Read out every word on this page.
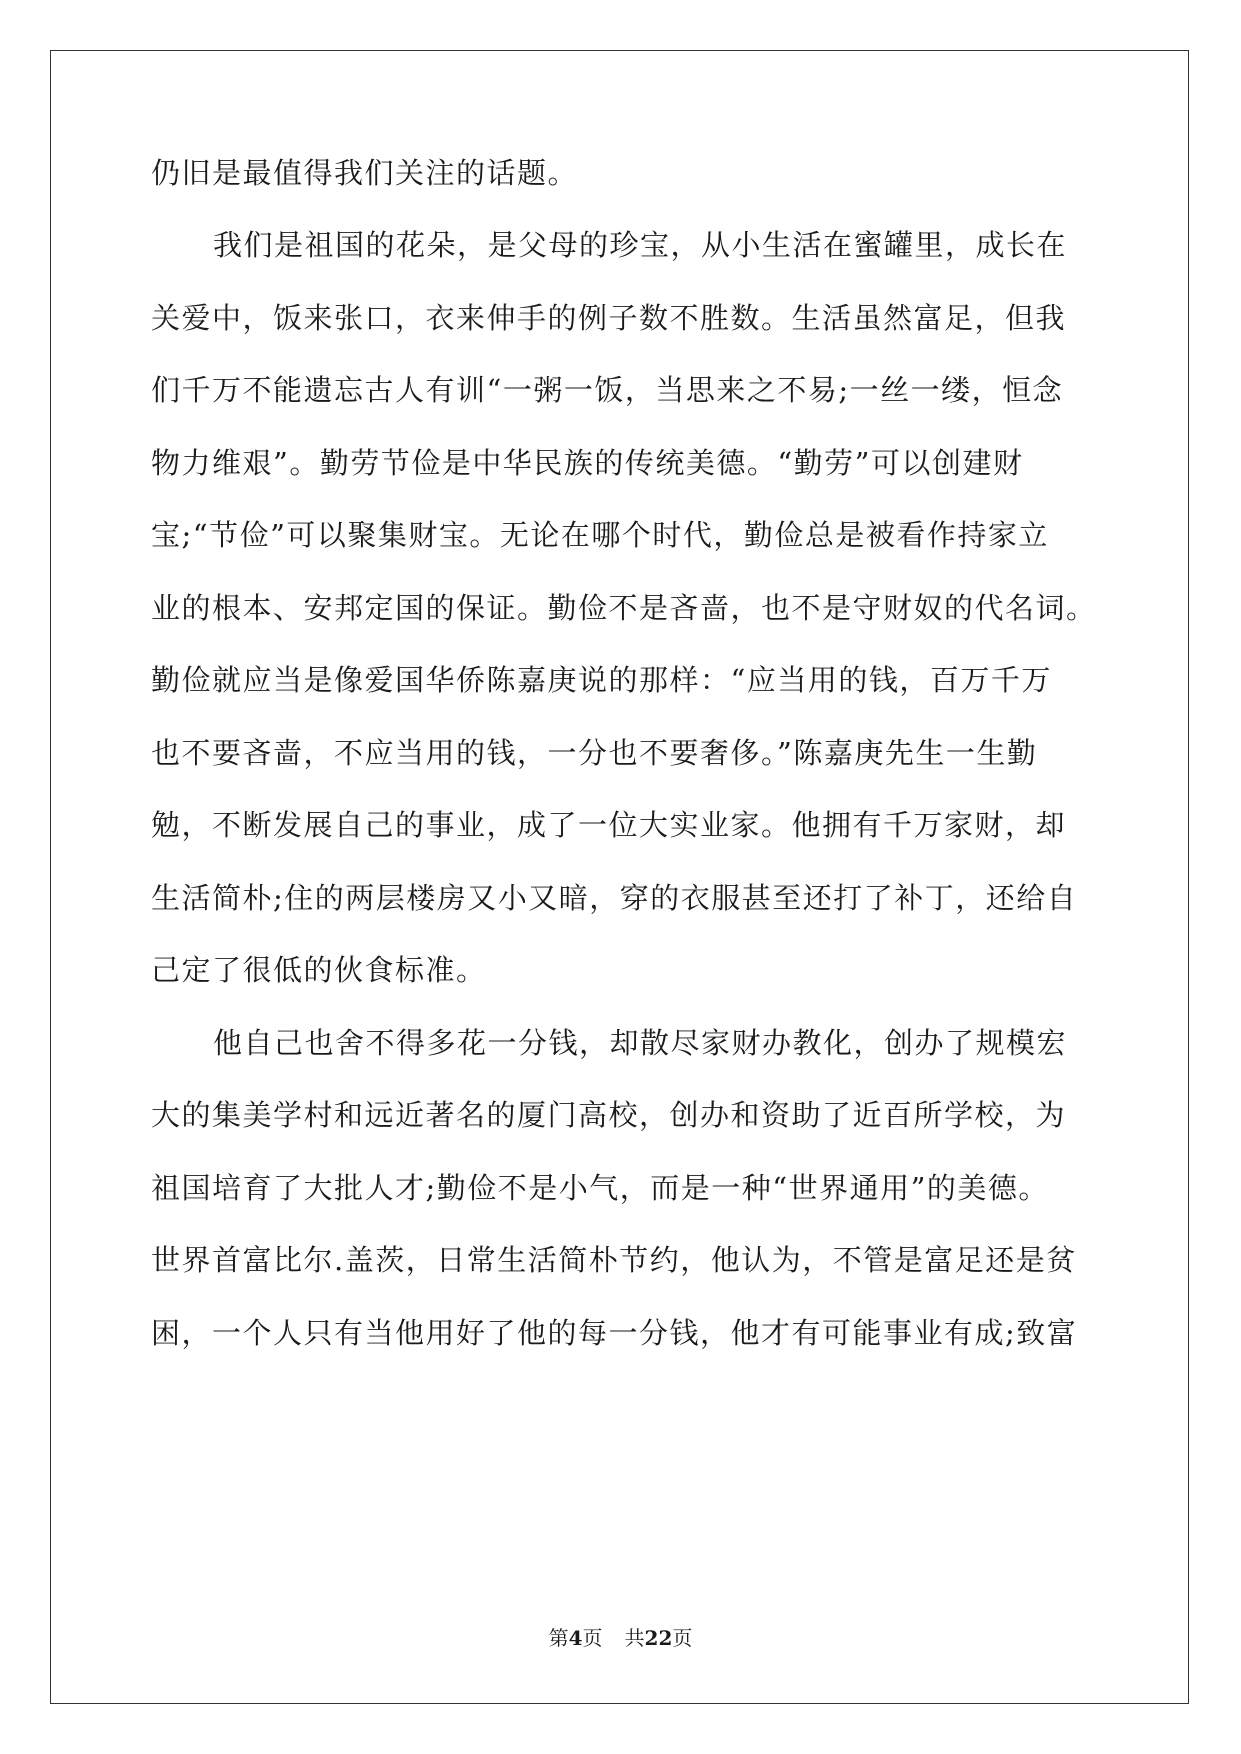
仍旧是最值得我们关注的话题。
我们是祖国的花朵，是父母的珍宝，从小生活在蜜罐里，成长在
关爱中，饭来张口，衣来伸手的例子数不胜数。生活虽然富足，但我
们千万不能遗忘古人有训“一粥一饭，当思来之不易;一丝一缕，恒念
物力维艰”。勤劳节俭是中华民族的传统美德。“勤劳”可以创建财
宝;“节俭”可以聚集财宝。无论在哪个时代，勤俭总是被看作持家立
业的根本、安邦定国的保证。勤俭不是吝啬，也不是守财奴的代名词。
勤俭就应当是像爱国华侨陈嘉庚说的那样：“应当用的钱，百万千万
也不要吝啬，不应当用的钱，一分也不要奢侈。”陈嘉庚先生一生勤
勉，不断发展自己的事业，成了一位大实业家。他拥有千万家财，却
生活简朴;住的两层楼房又小又暗，穿的衣服甚至还打了补丁，还给自
己定了很低的伙食标准。
他自己也舍不得多花一分钱，却散尽家财办教化，创办了规模宏
大的集美学村和远近著名的厦门高校，创办和资助了近百所学校，为
祖国培育了大批人才;勤俭不是小气，而是一种“世界通用”的美德。
世界首富比尔.盖茨，日常生活简朴节约，他认为，不管是富足还是贫
困，一个人只有当他用好了他的每一分钱，他才有可能事业有成;致富
第4页 共22页
